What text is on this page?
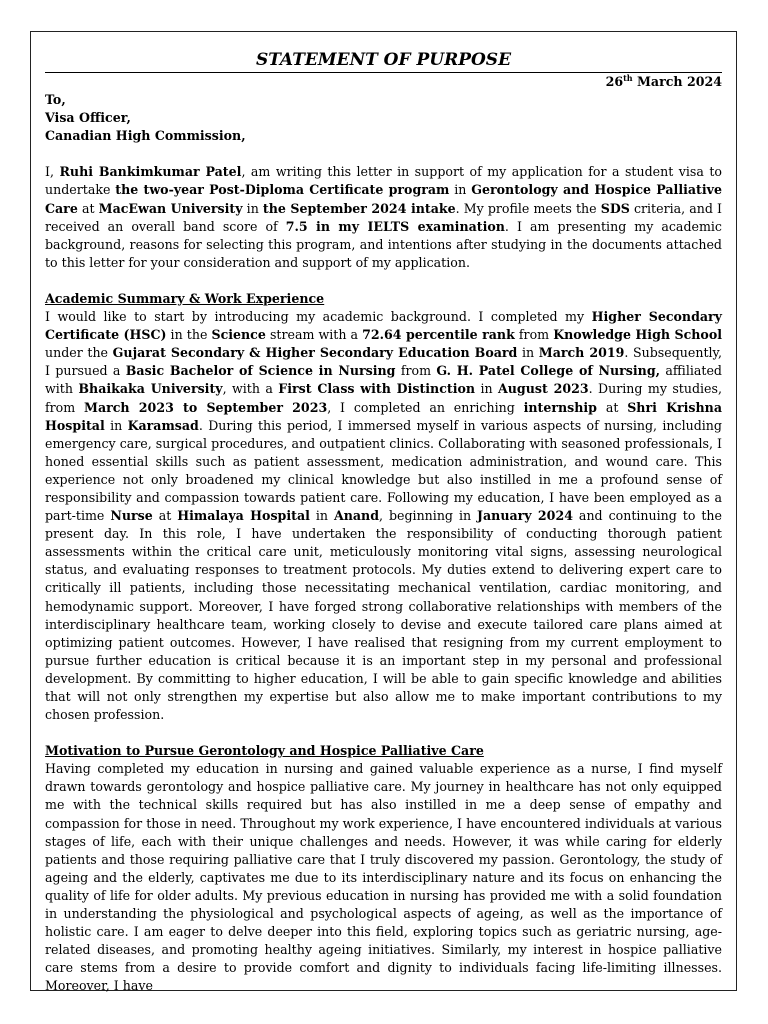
STATEMENT OF PURPOSE
26th March 2024
To,
Visa Officer,
Canadian High Commission,

I, Ruhi Bankimkumar Patel, am writing this letter in support of my application for a student visa to undertake the two-year Post-Diploma Certificate program in Gerontology and Hospice Palliative Care at MacEwan University in the September 2024 intake. My profile meets the SDS criteria, and I received an overall band score of 7.5 in my IELTS examination. I am presenting my academic background, reasons for selecting this program, and intentions after studying in the documents attached to this letter for your consideration and support of my application.

Academic Summary & Work Experience

I would like to start by introducing my academic background. I completed my Higher Secondary Certificate (HSC) in the Science stream with a 72.64 percentile rank from Knowledge High School under the Gujarat Secondary & Higher Secondary Education Board in March 2019. Subsequently, I pursued a Basic Bachelor of Science in Nursing from G. H. Patel College of Nursing, affiliated with Bhaikaka University, with a First Class with Distinction in August 2023. During my studies, from March 2023 to September 2023, I completed an enriching internship at Shri Krishna Hospital in Karamsad. During this period, I immersed myself in various aspects of nursing, including emergency care, surgical procedures, and outpatient clinics. Collaborating with seasoned professionals, I honed essential skills such as patient assessment, medication administration, and wound care. This experience not only broadened my clinical knowledge but also instilled in me a profound sense of responsibility and compassion towards patient care. Following my education, I have been employed as a part-time Nurse at Himalaya Hospital in Anand, beginning in January 2024 and continuing to the present day. In this role, I have undertaken the responsibility of conducting thorough patient assessments within the critical care unit, meticulously monitoring vital signs, assessing neurological status, and evaluating responses to treatment protocols. My duties extend to delivering expert care to critically ill patients, including those necessitating mechanical ventilation, cardiac monitoring, and hemodynamic support. Moreover, I have forged strong collaborative relationships with members of the interdisciplinary healthcare team, working closely to devise and execute tailored care plans aimed at optimizing patient outcomes. However, I have realised that resigning from my current employment to pursue further education is critical because it is an important step in my personal and professional development. By committing to higher education, I will be able to gain specific knowledge and abilities that will not only strengthen my expertise but also allow me to make important contributions to my chosen profession.

Motivation to Pursue Gerontology and Hospice Palliative Care

Having completed my education in nursing and gained valuable experience as a nurse, I find myself drawn towards gerontology and hospice palliative care. My journey in healthcare has not only equipped me with the technical skills required but has also instilled in me a deep sense of empathy and compassion for those in need. Throughout my work experience, I have encountered individuals at various stages of life, each with their unique challenges and needs. However, it was while caring for elderly patients and those requiring palliative care that I truly discovered my passion. Gerontology, the study of ageing and the elderly, captivates me due to its interdisciplinary nature and its focus on enhancing the quality of life for older adults. My previous education in nursing has provided me with a solid foundation in understanding the physiological and psychological aspects of ageing, as well as the importance of holistic care. I am eager to delve deeper into this field, exploring topics such as geriatric nursing, age-related diseases, and promoting healthy ageing initiatives. Similarly, my interest in hospice palliative care stems from a desire to provide comfort and dignity to individuals facing life-limiting illnesses. Moreover, I have
